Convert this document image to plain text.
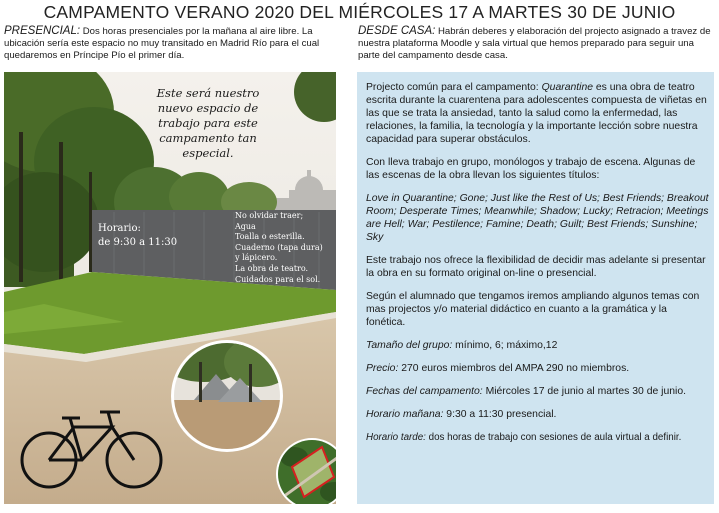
CAMPAMENTO VERANO 2020 DEL MIÉRCOLES 17 A MARTES 30 DE JUNIO
PRESENCIAL: Dos horas presenciales por la mañana al aire libre. La ubicación sería este espacio no muy transitado en Madrid Río para el cual quedaremos en Príncipe Pío el primer día.
DESDE CASA: Habrán deberes y elaboración del projecto asignado a travez de nuestra plataforma Moodle y sala virtual que hemos preparado para seguir una parte del campamento desde casa.
Este será nuestro nuevo espacio de trabajo para este campamento tan especial.
Horario:
de 9:30 a 11:30
No olvidar traer;
Agua
Toalla o esterilla.
Cuaderno (tapa dura)
y lápicero.
La obra de teatro.
Cuidados para el sol.

Projecto común para el campamento: Quarantine es una obra de teatro escrita durante la cuarentena para adolescentes compuesta de viñetas en las que se trata la ansiedad, tanto la salud como la enfermedad, las relaciones, la familia, la tecnología y la importante lección sobre nuestra capacidad para superar obstáculos.

Con lleva trabajo en grupo, monólogos y trabajo de escena. Algunas de las escenas de la obra llevan los siguientes títulos:

Love in Quarantine; Gone; Just like the Rest of Us; Best Friends; Breakout Room; Desperate Times; Meanwhile; Shadow; Lucky; Retracion; Meetings are Hell; War; Pestilence; Famine; Death; Guilt; Best Friends; Sunshine; Sky

Este trabajo nos ofrece la flexibilidad de decidir mas adelante si presentar la obra en su formato original on-line o presencial.

Según el alumnado que tengamos iremos ampliando algunos temas con mas projectos y/o material didáctico en cuanto a la gramática y la fonética.

Tamaño del grupo: mínimo, 6; máximo,12

Precio: 270 euros miembros del AMPA 290 no miembros.

Fechas del campamento: Miércoles 17 de junio al martes 30 de junio.

Horario mañana: 9:30 a 11:30 presencial.

Horario tarde: dos horas de trabajo con sesiones de aula virtual a definir.
